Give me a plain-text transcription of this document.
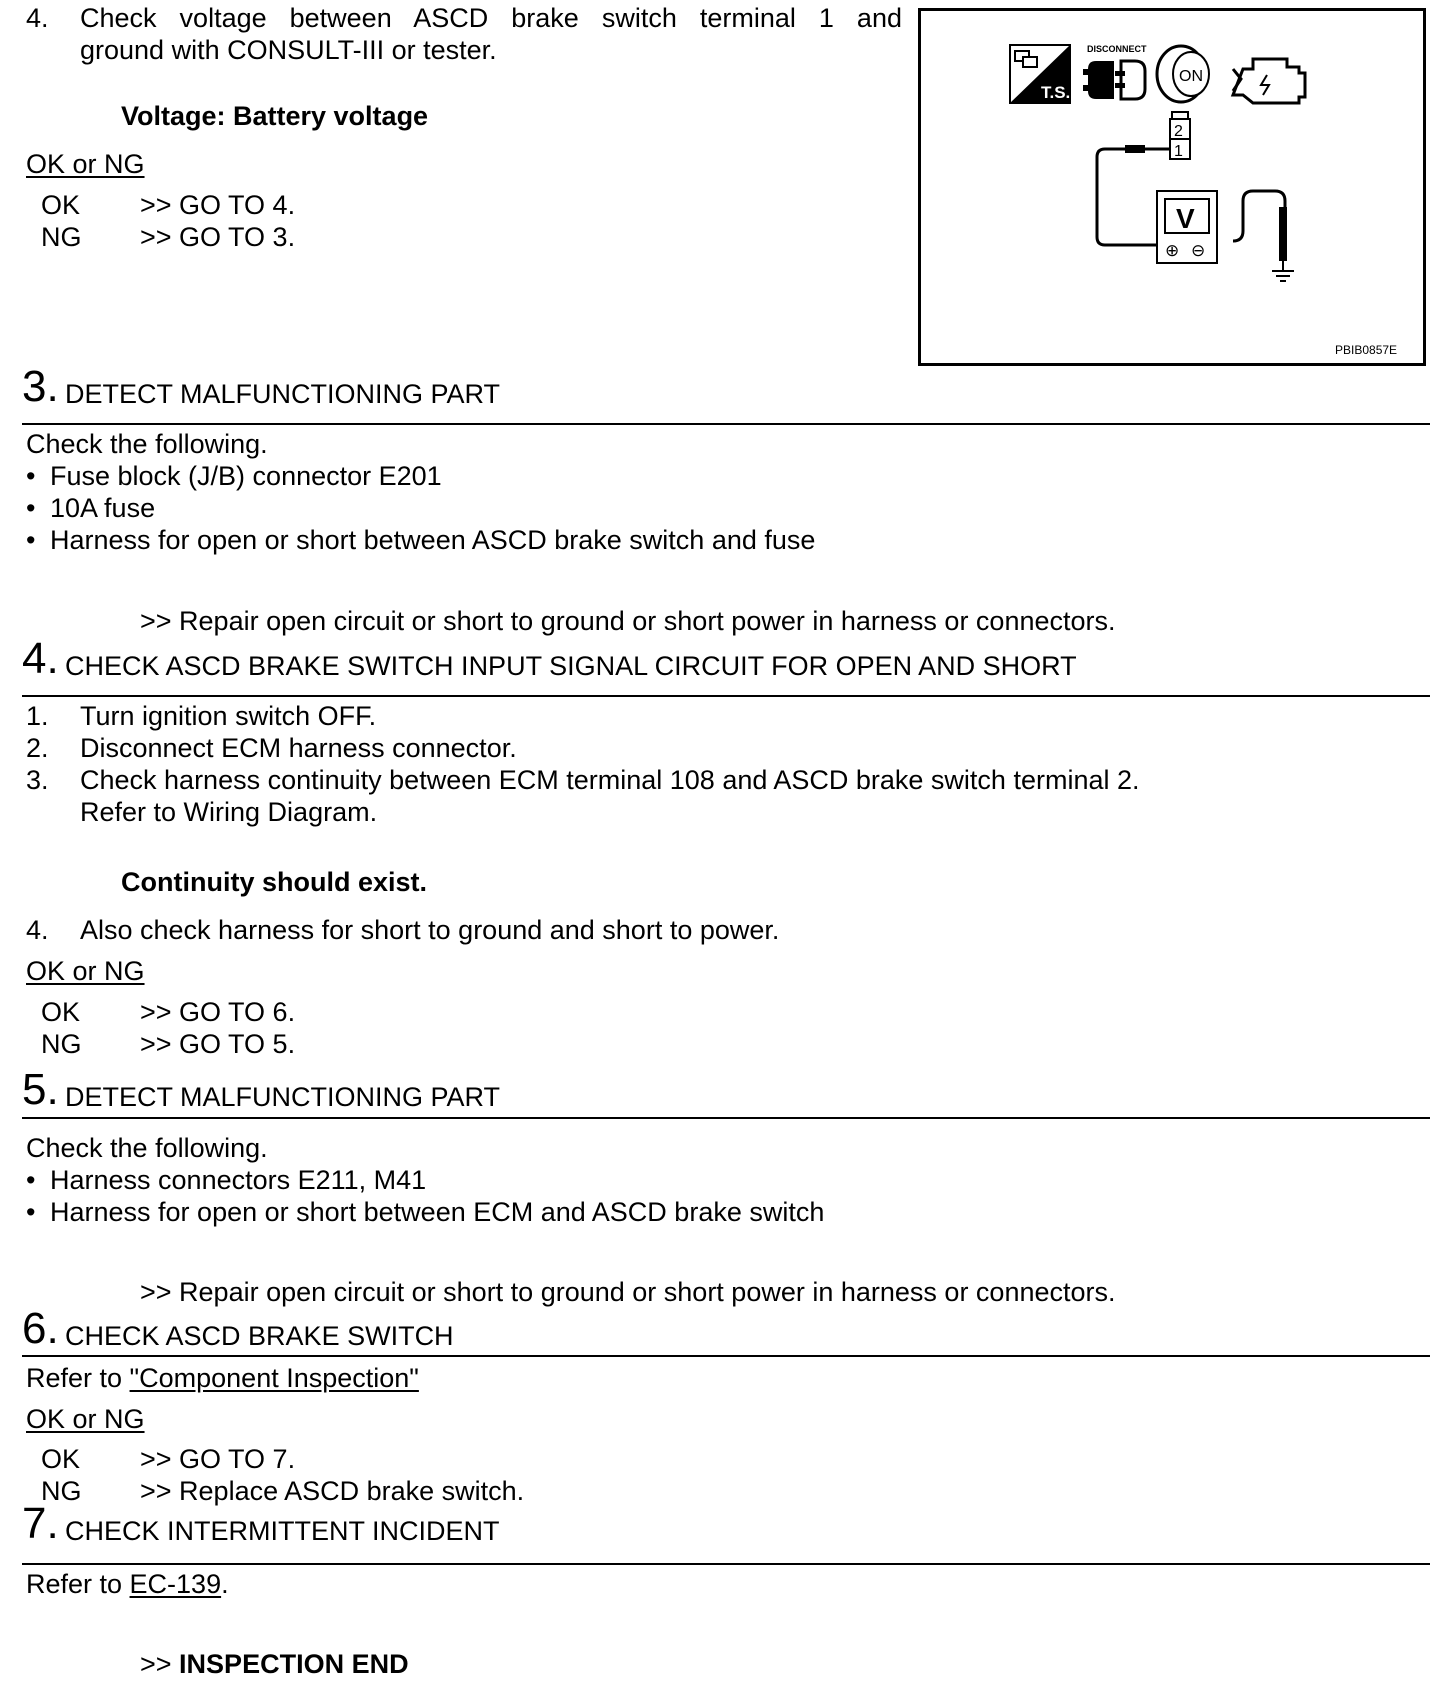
4. Check voltage between ASCD brake switch terminal 1 and
ground with CONSULT-III or tester.
Voltage: Battery voltage
OK or NG
OK >> GO TO 4.
NG >> GO TO 3.
T.S.
DISCONNECT
ON
2
1
V
⊕ ⊖
PBIB0857E
3. DETECT MALFUNCTIONING PART
Check the following.
• Fuse block (J/B) connector E201
• 10A fuse
• Harness for open or short between ASCD brake switch and fuse
>> Repair open circuit or short to ground or short power in harness or connectors.
4. CHECK ASCD BRAKE SWITCH INPUT SIGNAL CIRCUIT FOR OPEN AND SHORT
1. Turn ignition switch OFF.
2. Disconnect ECM harness connector.
3. Check harness continuity between ECM terminal 108 and ASCD brake switch terminal 2.
Refer to Wiring Diagram.
Continuity should exist.
4. Also check harness for short to ground and short to power.
OK or NG
OK >> GO TO 6.
NG >> GO TO 5.
5. DETECT MALFUNCTIONING PART
Check the following.
• Harness connectors E211, M41
• Harness for open or short between ECM and ASCD brake switch
>> Repair open circuit or short to ground or short power in harness or connectors.
6. CHECK ASCD BRAKE SWITCH
Refer to "Component Inspection"
OK or NG
OK >> GO TO 7.
NG >> Replace ASCD brake switch.
7. CHECK INTERMITTENT INCIDENT
Refer to EC-139.
>> INSPECTION END
